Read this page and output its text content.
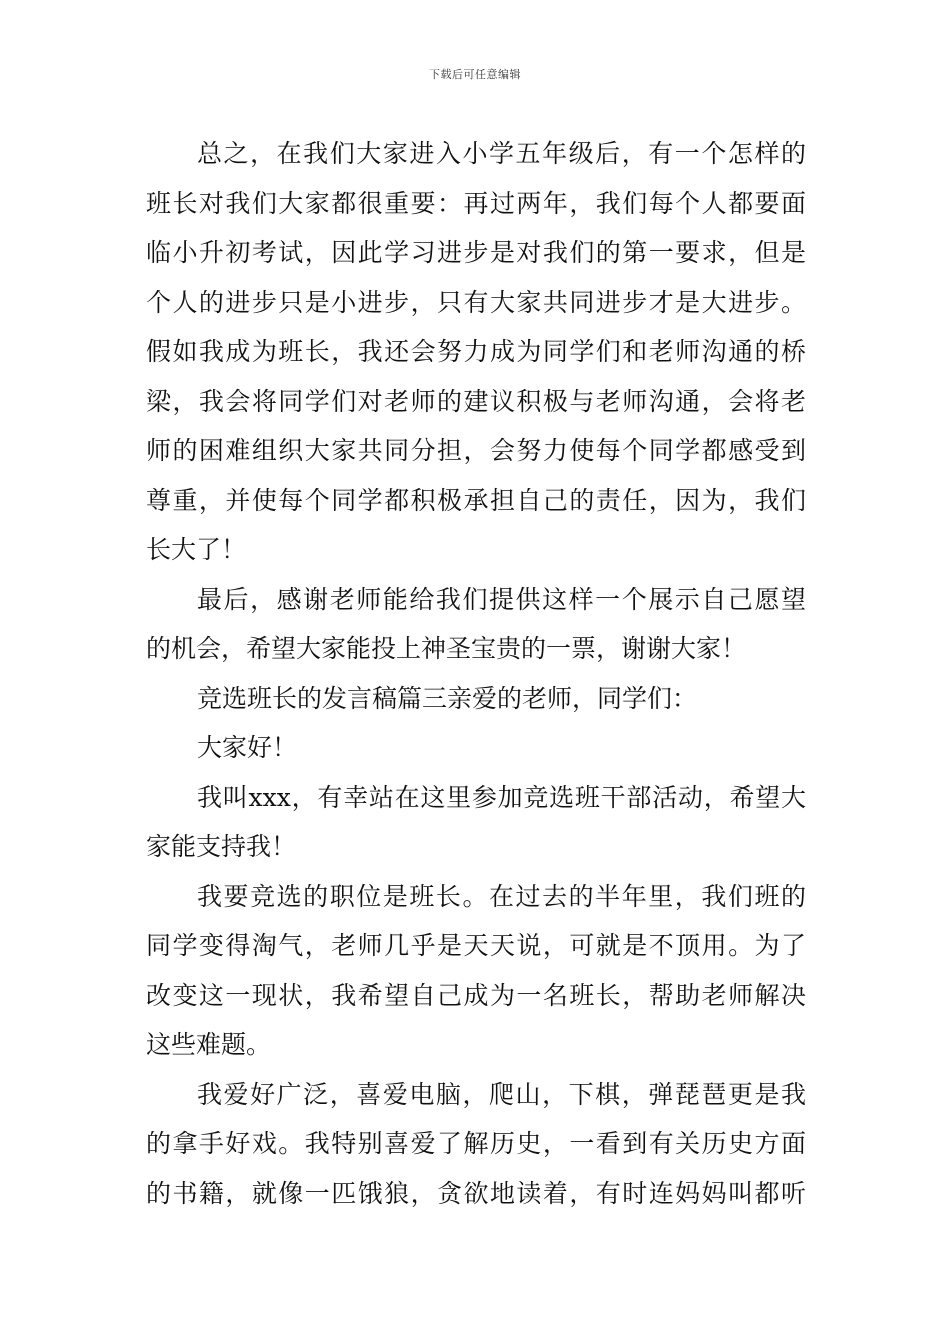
下载后可任意编辑
总之，在我们大家进入小学五年级后，有一个怎样的
班长对我们大家都很重要：再过两年，我们每个人都要面
临小升初考试，因此学习进步是对我们的第一要求，但是
个人的进步只是小进步，只有大家共同进步才是大进步。
假如我成为班长，我还会努力成为同学们和老师沟通的桥
梁，我会将同学们对老师的建议积极与老师沟通，会将老
师的困难组织大家共同分担，会努力使每个同学都感受到
尊重，并使每个同学都积极承担自己的责任，因为，我们
长大了！
最后，感谢老师能给我们提供这样一个展示自己愿望
的机会，希望大家能投上神圣宝贵的一票，谢谢大家！
竞选班长的发言稿篇三亲爱的老师，同学们：
大家好！
我叫xxx，有幸站在这里参加竞选班干部活动，希望大
家能支持我！
我要竞选的职位是班长。在过去的半年里，我们班的
同学变得淘气，老师几乎是天天说，可就是不顶用。为了
改变这一现状，我希望自己成为一名班长，帮助老师解决
这些难题。
我爱好广泛，喜爱电脑，爬山，下棋，弹琵琶更是我
的拿手好戏。我特别喜爱了解历史，一看到有关历史方面
的书籍，就像一匹饿狼，贪欲地读着，有时连妈妈叫都听
